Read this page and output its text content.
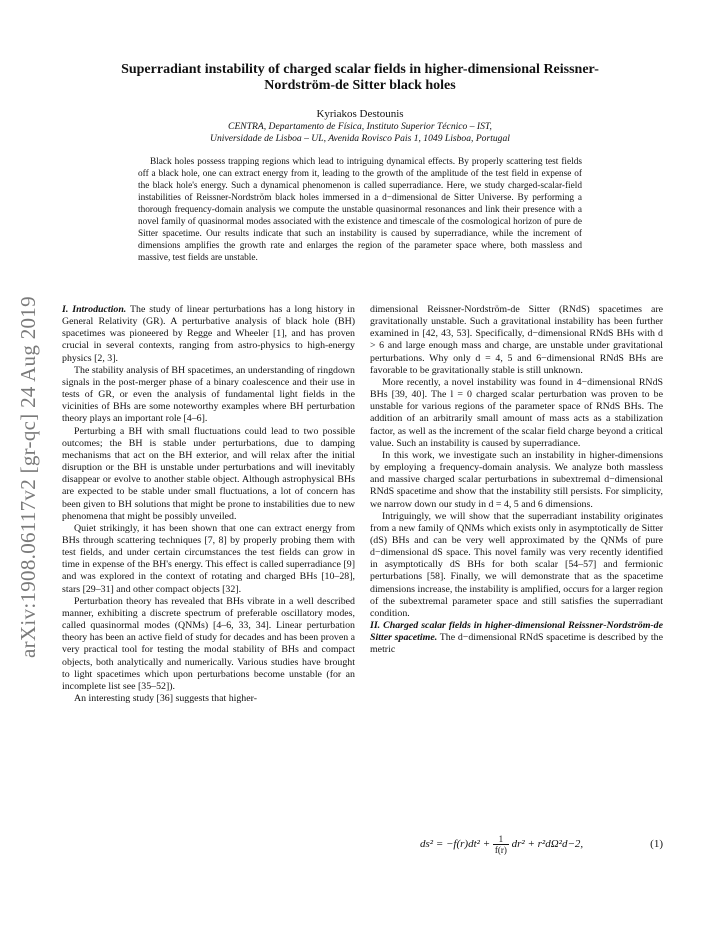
arXiv:1908.06117v2 [gr-qc] 24 Aug 2019
Superradiant instability of charged scalar fields in higher-dimensional Reissner-Nordström-de Sitter black holes
Kyriakos Destounis
CENTRA, Departamento de Física, Instituto Superior Técnico – IST,
Universidade de Lisboa – UL, Avenida Rovisco Pais 1, 1049 Lisboa, Portugal

Black holes possess trapping regions which lead to intriguing dynamical effects. By properly scattering test fields off a black hole, one can extract energy from it, leading to the growth of the amplitude of the test field in expense of the black hole's energy. Such a dynamical phenomenon is called superradiance. Here, we study charged-scalar-field instabilities of Reissner-Nordström black holes immersed in a d−dimensional de Sitter Universe. By performing a thorough frequency-domain analysis we compute the unstable quasinormal resonances and link their presence with a novel family of quasinormal modes associated with the existence and timescale of the cosmological horizon of pure de Sitter spacetime. Our results indicate that such an instability is caused by superradiance, while the increment of dimensions amplifies the growth rate and enlarges the region of the parameter space where, both massless and massive, test fields are unstable.

I. Introduction. The study of linear perturbations has a long history in General Relativity (GR). A perturbative analysis of black hole (BH) spacetimes was pioneered by Regge and Wheeler [1], and has proven crucial in several contexts, ranging from astro-physics to high-energy physics [2, 3].

The stability analysis of BH spacetimes, an understanding of ringdown signals in the post-merger phase of a binary coalescence and their use in tests of GR, or even the analysis of fundamental light fields in the vicinities of BHs are some noteworthy examples where BH perturbation theory plays an important role [4–6].

Perturbing a BH with small fluctuations could lead to two possible outcomes; the BH is stable under perturbations, due to damping mechanisms that act on the BH exterior, and will relax after the initial disruption or the BH is unstable under perturbations and will inevitably disappear or evolve to another stable object. Although astrophysical BHs are expected to be stable under small fluctuations, a lot of concern has been given to BH solutions that might be prone to instabilities due to new phenomena that might be possibly unveiled.

Quiet strikingly, it has been shown that one can extract energy from BHs through scattering techniques [7, 8] by properly probing them with test fields, and under certain circumstances the test fields can grow in time in expense of the BH's energy. This effect is called superradiance [9] and was explored in the context of rotating and charged BHs [10–28], stars [29–31] and other compact objects [32].

Perturbation theory has revealed that BHs vibrate in a well described manner, exhibiting a discrete spectrum of preferable oscillatory modes, called quasinormal modes (QNMs) [4–6, 33, 34]. Linear perturbation theory has been an active field of study for decades and has been proven a very practical tool for testing the modal stability of BHs and compact objects, both analytically and numerically. Various studies have brought to light spacetimes which upon perturbations become unstable (for an incomplete list see [35–52]).

An interesting study [36] suggests that higher-

dimensional Reissner-Nordström-de Sitter (RNdS) spacetimes are gravitationally unstable. Such a gravitational instability has been further examined in [42, 43, 53]. Specifically, d−dimensional RNdS BHs with d > 6 and large enough mass and charge, are unstable under gravitational perturbations. Why only d = 4, 5 and 6−dimensional RNdS BHs are favorable to be gravitationally stable is still unknown.

More recently, a novel instability was found in 4−dimensional RNdS BHs [39, 40]. The l = 0 charged scalar perturbation was proven to be unstable for various regions of the parameter space of RNdS BHs. The addition of an arbitrarily small amount of mass acts as a stabilization factor, as well as the increment of the scalar field charge beyond a critical value. Such an instability is caused by superradiance.

In this work, we investigate such an instability in higher-dimensions by employing a frequency-domain analysis. We analyze both massless and massive charged scalar perturbations in subextremal d−dimensional RNdS spacetime and show that the instability still persists. For simplicity, we narrow down our study in d = 4, 5 and 6 dimensions.

Intriguingly, we will show that the superradiant instability originates from a new family of QNMs which exists only in asymptotically de Sitter (dS) BHs and can be very well approximated by the QNMs of pure d−dimensional dS space. This novel family was very recently identified in asymptotically dS BHs for both scalar [54–57] and fermionic perturbations [58]. Finally, we will demonstrate that as the spacetime dimensions increase, the instability is amplified, occurs for a larger region of the subextremal parameter space and still satisfies the superradiant condition.

II. Charged scalar fields in higher-dimensional Reissner-Nordström-de Sitter spacetime. The d−dimensional RNdS spacetime is described by the metric

$ds^2 = -f(r)dt^2 + \frac{1}{f(r)} dr^2 + r^2d\Omega^2d-2$,	(1)
